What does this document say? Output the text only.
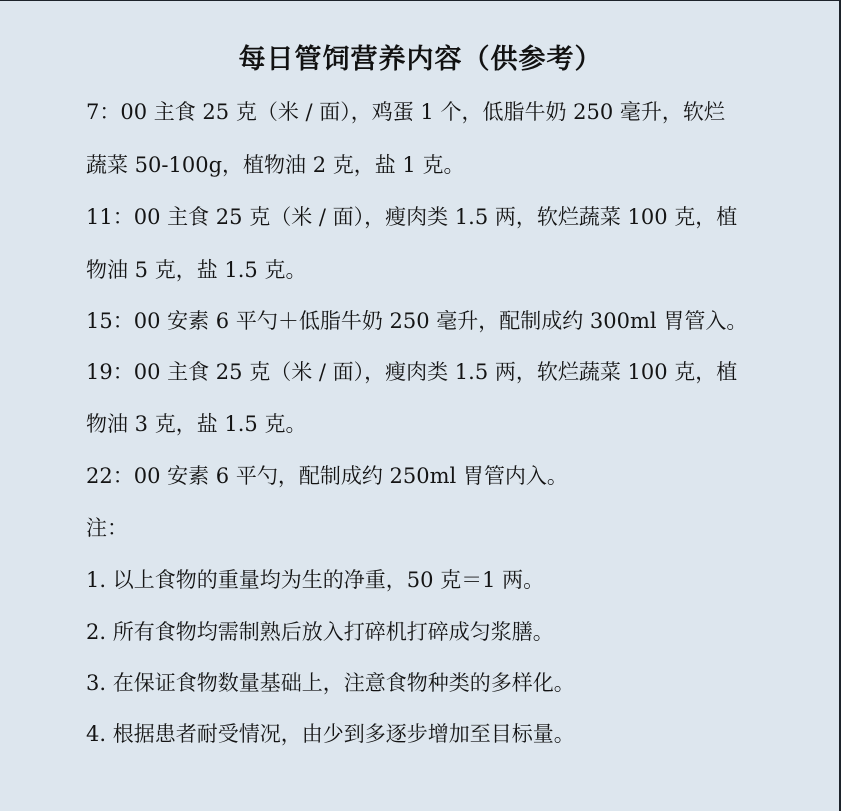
每日管饲营养内容（供参考）
7：00 主食 25 克（米 / 面），鸡蛋 1 个，低脂牛奶 250 毫升，软烂
蔬菜 50-100g，植物油 2 克，盐 1 克。
11：00 主食 25 克（米 / 面），瘦肉类 1.5 两，软烂蔬菜 100 克，植
物油 5 克，盐 1.5 克。
15：00 安素 6 平勺＋低脂牛奶 250 毫升，配制成约 300ml 胃管入。
19：00 主食 25 克（米 / 面），瘦肉类 1.5 两，软烂蔬菜 100 克，植
物油 3 克，盐 1.5 克。
22：00 安素 6 平勺，配制成约 250ml 胃管内入。
注：
1. 以上食物的重量均为生的净重，50 克＝1 两。
2. 所有食物均需制熟后放入打碎机打碎成匀浆膳。
3. 在保证食物数量基础上，注意食物种类的多样化。
4. 根据患者耐受情况，由少到多逐步增加至目标量。
